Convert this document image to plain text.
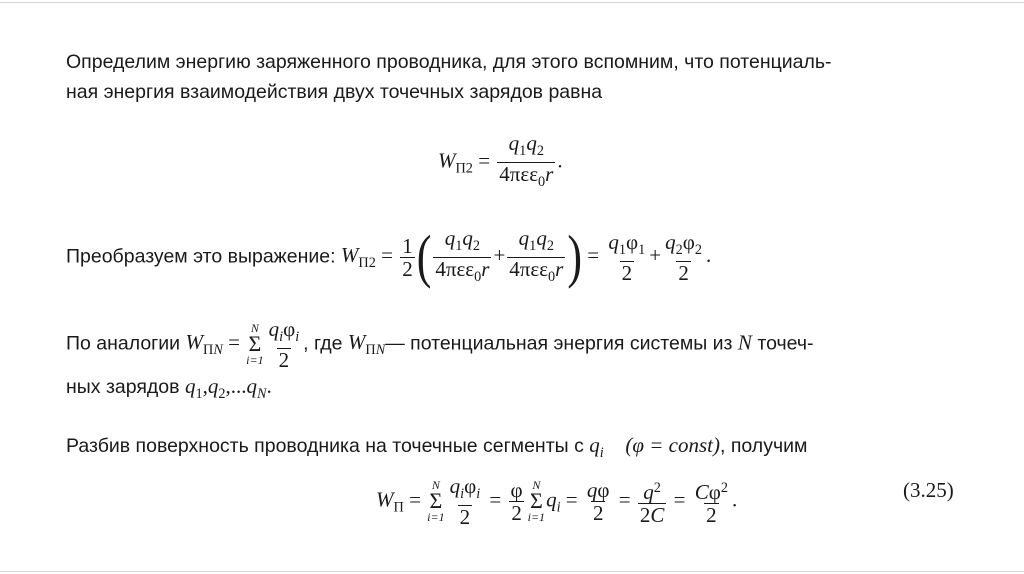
Определим энергию заряженного проводника, для этого вспомним, что потенциаль-
ная энергия взаимодействия двух точечных зарядов равна
$W_{П2} = \frac{q_1q_2}{4\pi\varepsilon\varepsilon_0r}$ .
Преобразуем это выражение: $W_{П2} = \frac{1}{2}$ ( $\frac{q_1q_2}{4\pi\varepsilon\varepsilon_0r} + \frac{q_1q_2}{4\pi\varepsilon\varepsilon_0r}$ ) = $\frac{q_1\varphi_1}{2} + \frac{q_2\varphi_2}{2}$ .
По аналогии $W_{ПN}$ =
N
Σ
$i=1 \frac{q_i\varphi_i}{2}$ , где $W_{ПN}—$ потенциальная энергия системы из N точеч-
ных зарядов $q_1,q_2,...q_N$.
Разбив поверхность проводника на точечные сегменты с $q_i$ (φ = const), получим
$W_П$ =
N
Σ
$i=1 \frac{q_i\varphi_i}{2} = \frac{\varphi}{2}$ N
Σ
i=1
$q_i = \frac{q\varphi}{2} = \frac{q^2}{2C} = \frac{C\varphi^2}{2}$ .	(3.25)
